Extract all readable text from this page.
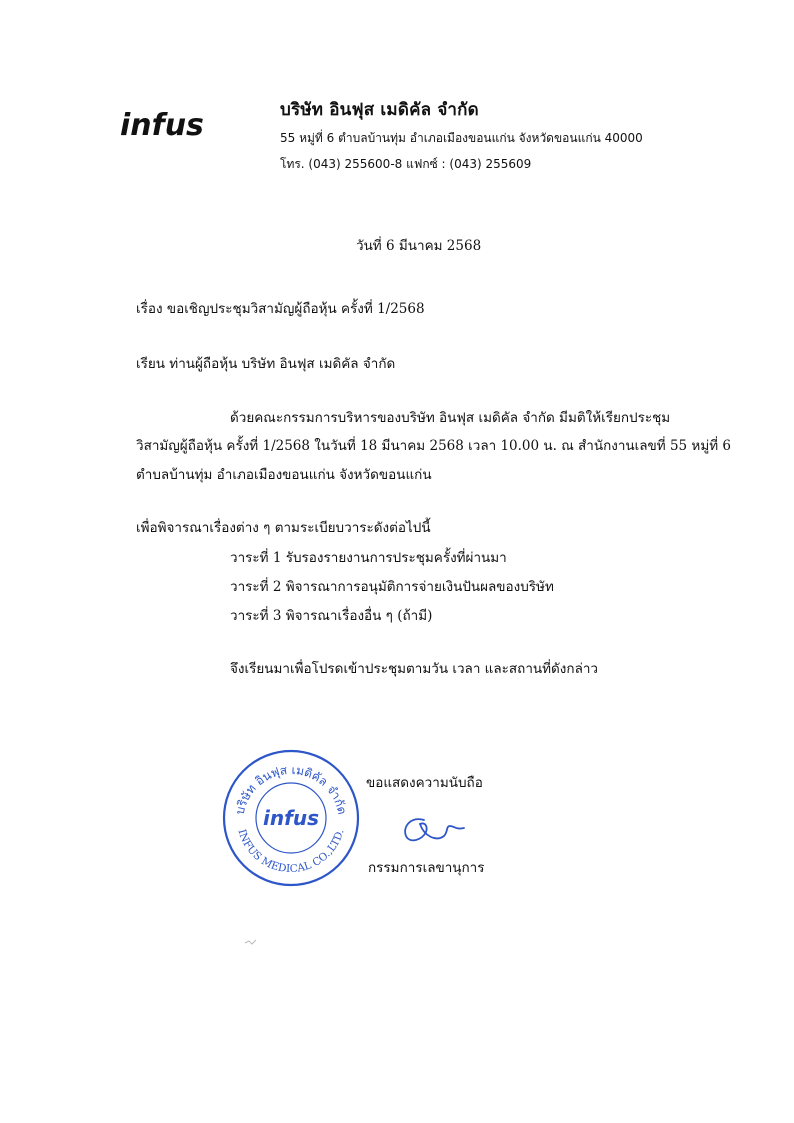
infus	บริษัท อินฟุส เมดิคัล จำกัด
55 หมู่ที่ 6 ตำบลบ้านทุ่ม อำเภอเมืองขอนแก่น จังหวัดขอนแก่น 40000
โทร. (043) 255600-8 แฟกซ์ : (043) 255609
วันที่ 6 มีนาคม 2568
เรื่อง ขอเชิญประชุมวิสามัญผู้ถือหุ้น ครั้งที่ 1/2568
เรียน ท่านผู้ถือหุ้น บริษัท อินฟุส เมดิคัล จำกัด
ด้วยคณะกรรมการบริหารของบริษัท อินฟุส เมดิคัล จำกัด มีมติให้เรียกประชุม
วิสามัญผู้ถือหุ้น ครั้งที่ 1/2568 ในวันที่ 18 มีนาคม 2568 เวลา 10.00 น. ณ สำนักงานเลขที่ 55 หมู่ที่ 6
ตำบลบ้านทุ่ม อำเภอเมืองขอนแก่น จังหวัดขอนแก่น
เพื่อพิจารณาเรื่องต่าง ๆ ตามระเบียบวาระดังต่อไปนี้
วาระที่ 1 รับรองรายงานการประชุมครั้งที่ผ่านมา
วาระที่ 2 พิจารณาการอนุมัติการจ่ายเงินปันผลของบริษัท
วาระที่ 3 พิจารณาเรื่องอื่น ๆ (ถ้ามี)
จึงเรียนมาเพื่อโปรดเข้าประชุมตามวัน เวลา และสถานที่ดังกล่าว
บริษัท อินฟุส เมดิคัล จำกัด
INFUS MEDICAL CO.,LTD.
infus
ขอแสดงความนับถือ
กรรมการเลขานุการ
